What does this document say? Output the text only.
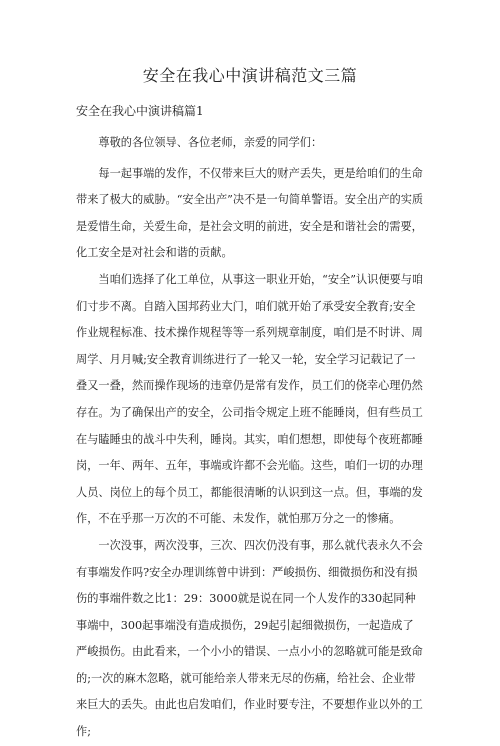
安全在我心中演讲稿范文三篇
安全在我心中演讲稿篇1

尊敬的各位领导、各位老师，亲爱的同学们：

每一起事端的发作，不仅带来巨大的财产丢失，更是给咱们的生命带来了极大的威胁。“安全出产”决不是一句简单警语。安全出产的实质是爱惜生命，关爱生命，是社会文明的前进，安全是和谐社会的需要，化工安全是对社会和谐的贡献。

当咱们选择了化工单位，从事这一职业开始，“安全”认识便要与咱们寸步不离。自踏入国邦药业大门，咱们就开始了承受安全教育;安全作业规程标准、技术操作规程等等一系列规章制度，咱们是不时讲、周周学、月月喊;安全教育训练进行了一轮又一轮，安全学习记载记了一叠又一叠，然而操作现场的违章仍是常有发作，员工们的侥幸心理仍然存在。为了确保出产的安全，公司指令规定上班不能睡岗，但有些员工在与瞌睡虫的战斗中失利，睡岗。其实，咱们想想，即使每个夜班都睡岗，一年、两年、五年，事端或许都不会光临。这些，咱们一切的办理人员、岗位上的每个员工，都能很清晰的认识到这一点。但，事端的发作，不在乎那一万次的不可能、未发作，就怕那万分之一的惨痛。

一次没事，两次没事，三次、四次仍没有事，那么就代表永久不会有事端发作吗?安全办理训练曾中讲到：严峻损伤、细微损伤和没有损伤的事端件数之比1：29：3000就是说在同一个人发作的330起同种事端中，300起事端没有造成损伤，29起引起细微损伤，一起造成了严峻损伤。由此看来，一个小小的错误、一点小小的忽略就可能是致命的;一次的麻木忽略，就可能给亲人带来无尽的伤痛，给社会、企业带来巨大的丢失。由此也启发咱们，作业时要专注，不要想作业以外的工作;
